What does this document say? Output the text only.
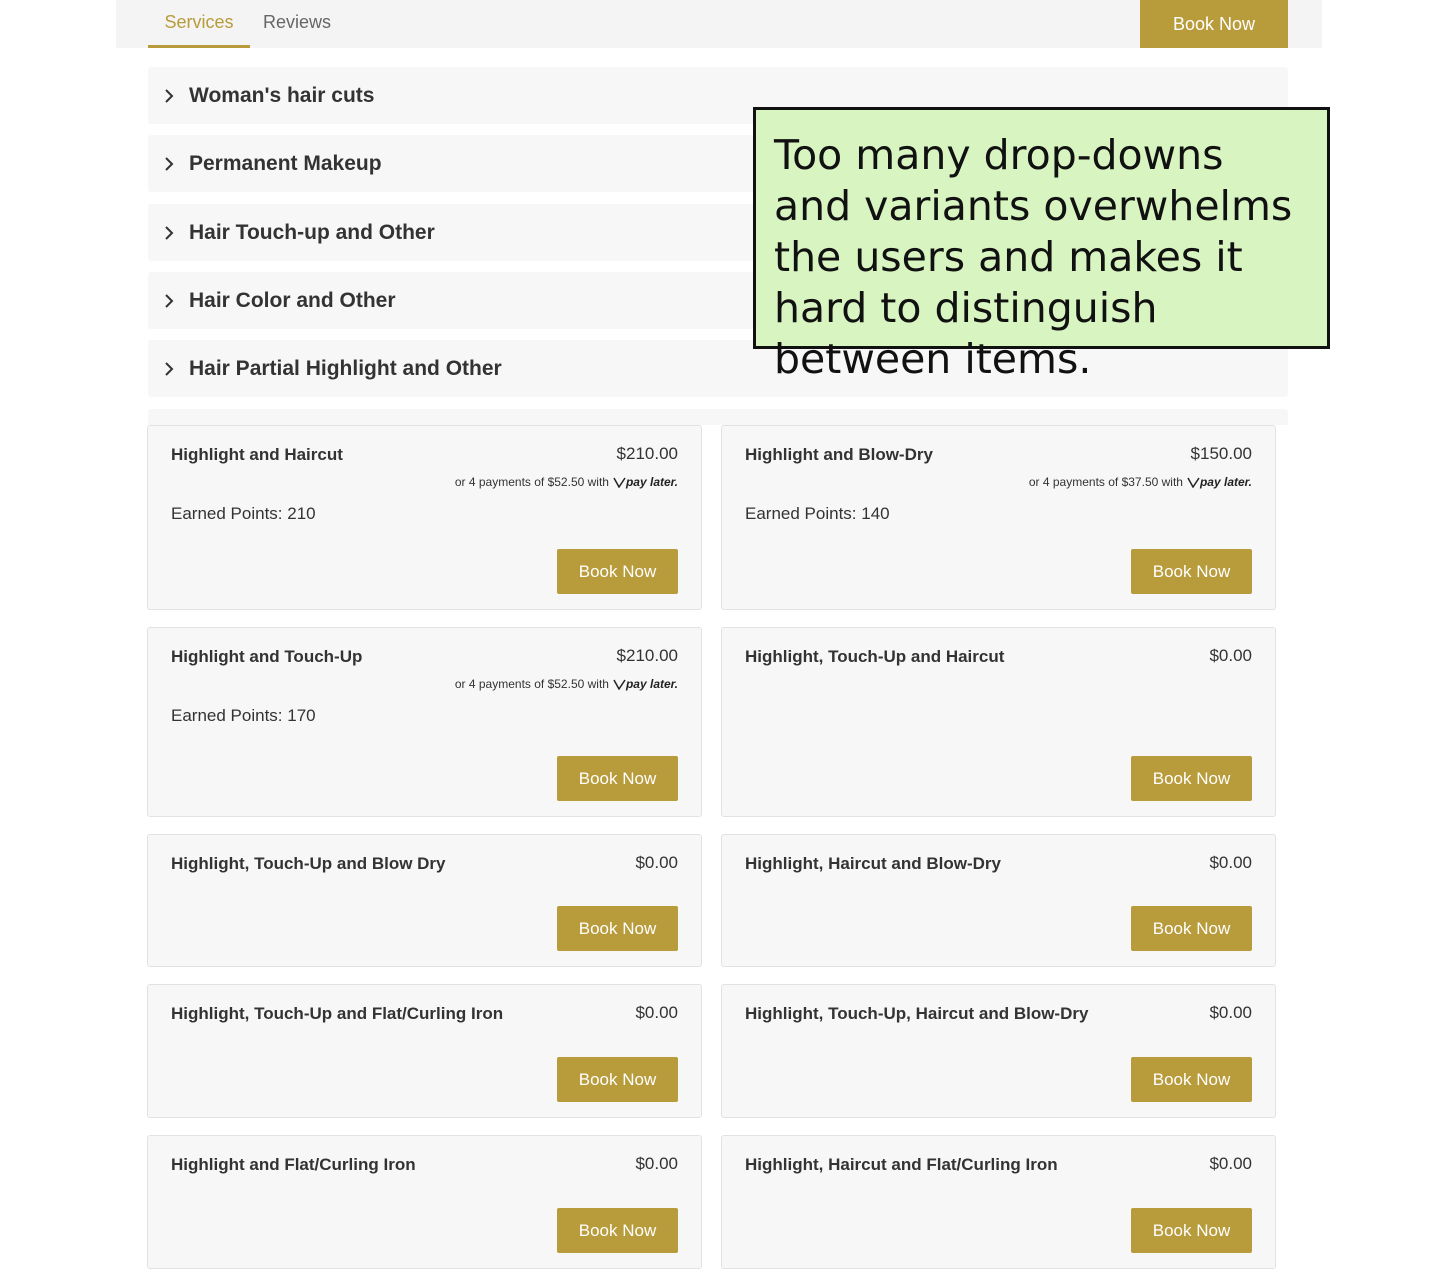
Services	Reviews	Book Now
Woman's hair cuts
Permanent Makeup
Hair Touch-up and Other
Hair Color and Other
Hair Partial Highlight and Other
Highlight and Haircut	$210.00
or 4 payments of $52.50 with pay later.
Earned Points: 210
Book Now
Highlight and Blow-Dry	$150.00
or 4 payments of $37.50 with pay later.
Earned Points: 140
Book Now
Highlight and Touch-Up	$210.00
or 4 payments of $52.50 with pay later.
Earned Points: 170
Book Now
Highlight, Touch-Up and Haircut	$0.00
Book Now
Highlight, Touch-Up and Blow Dry	$0.00
Book Now
Highlight, Haircut and Blow-Dry	$0.00
Book Now
Highlight, Touch-Up and Flat/Curling Iron	$0.00
Book Now
Highlight, Touch-Up, Haircut and Blow-Dry	$0.00
Book Now
Highlight and Flat/Curling Iron	$0.00
Book Now
Highlight, Haircut and Flat/Curling Iron	$0.00
Book Now
Too many drop-downs and variants overwhelms the users and makes it hard to distinguish between items.
